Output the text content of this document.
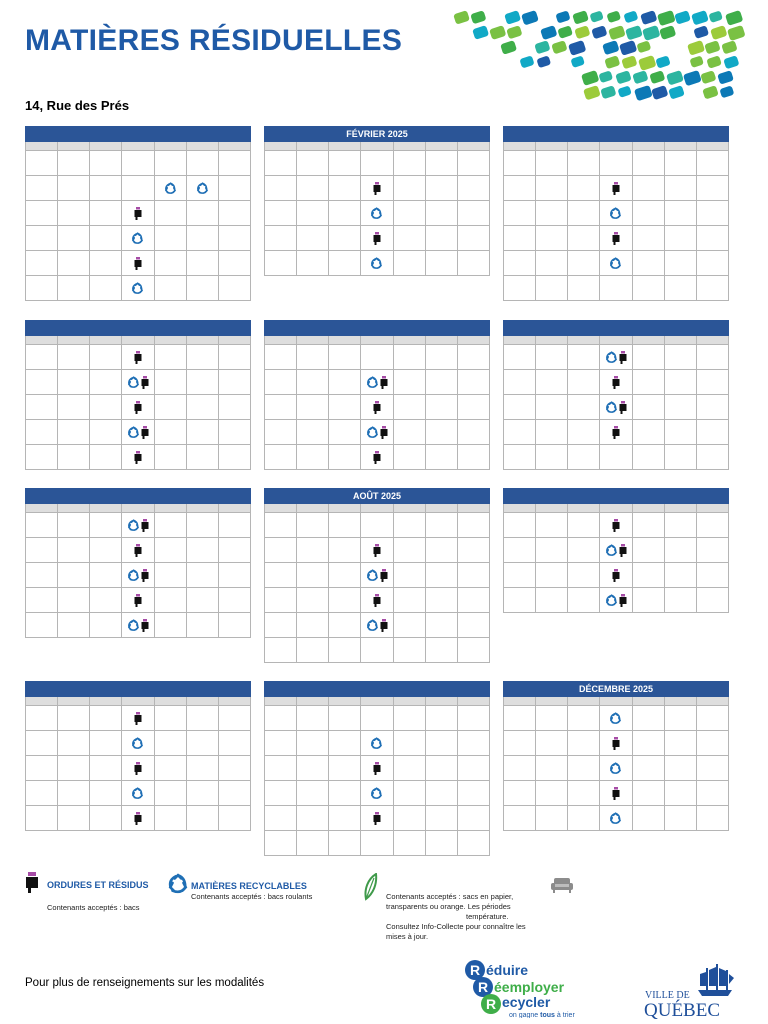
MATIÈRES RÉSIDUELLES
14, Rue des Prés
FÉVRIER 2025
AOÛT 2025
DÉCEMBRE 2025
ORDURES ET RÉSIDUS
Contenants acceptés : bacs
MATIÈRES RECYCLABLES
Contenants acceptés : bacs roulants	Contenants acceptés : sacs en papier,
transparents ou orange. Les périodes
température.
Consultez Info-Collecte pour connaître les
mises à jour.
Pour plus de renseignements sur les modalités
R
R
R
éduire
éemployer
ecycler
on gagne tous à trier
VILLE DE
QUÉBEC
